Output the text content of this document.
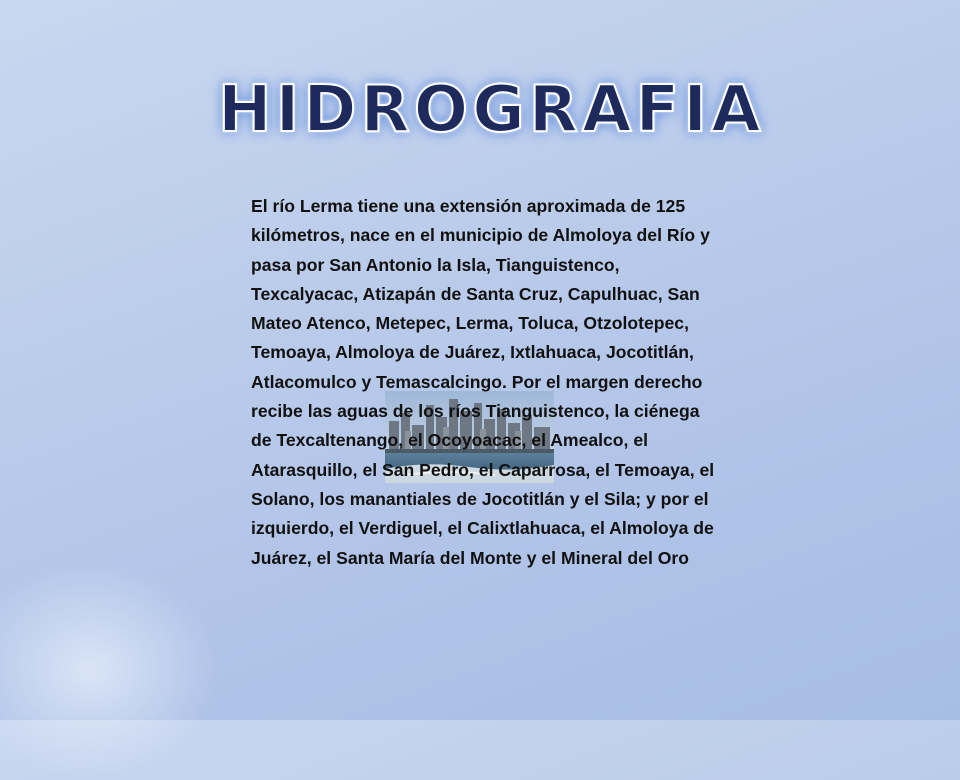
HIDROGRAFIA

El río Lerma tiene una extensión aproximada de 125 kilómetros, nace en el municipio de Almoloya del Río y pasa por San Antonio la Isla, Tianguistenco, Texcalyacac, Atizapán de Santa Cruz, Capulhuac, San Mateo Atenco, Metepec, Lerma, Toluca, Otzolotepec, Temoaya, Almoloya de Juárez, Ixtlahuaca, Jocotitlán, Atlacomulco y Temascalcingo. Por el margen derecho recibe las aguas de los ríos Tianguistenco, la ciénega de Texcaltenango, el Ocoyoacac, el Amealco, el Atarasquillo, el San Pedro, el Caparrosa, el Temoaya, el Solano, los manantiales de Jocotitlán y el Sila; y por el izquierdo, el Verdiguel, el Calixtlahuaca, el Almoloya de Juárez, el Santa María del Monte y el Mineral del Oro
